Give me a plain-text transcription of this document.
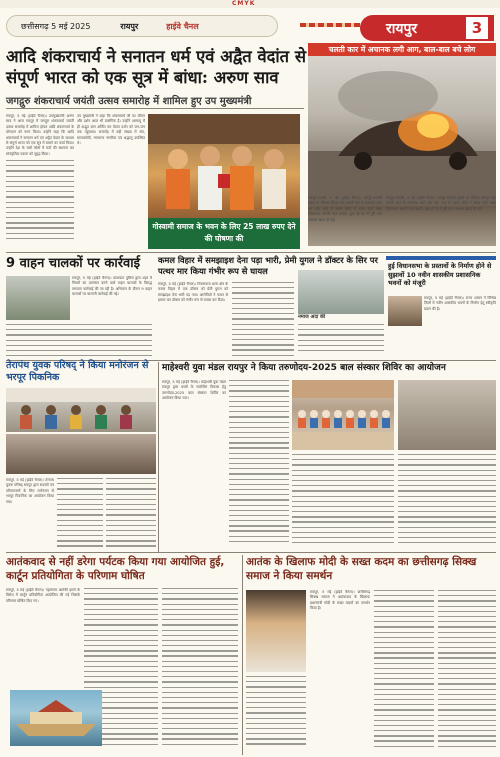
CMYK
छत्तीसगढ़ 5 मई 2025	रायपुर	हाईवे चैनल	रायपुर	3
आदि शंकराचार्य ने सनातन धर्म एवं अद्वैत वेदांत से संपूर्ण भारत को एक सूत्र में बांधा: अरुण साव
जगद्गुरु शंकराचार्य जयंती उत्सव समारोह में शामिल हुए उप मुख्यमंत्री
रायपुर, 5 मई (हाईवे चैनल)। उपमुख्यमंत्री अरुण साव ने आज रायपुर में जगद्गुरु शंकराचार्य जयंती उत्सव समारोह में शामिल होकर आदि शंकराचार्य के योगदान को नमन किया। उन्होंने कहा कि आदि शंकराचार्य ने सनातन धर्म एवं अद्वैत वेदांत के माध्यम से संपूर्ण भारत को एक सूत्र में बांधने का कार्य किया। उन्होंने देश के चारों कोनों में मठों की स्थापना कर सांस्कृतिक एकता को सुदृढ़ किया।
उप मुख्यमंत्री ने कहा कि शंकराचार्य जी का जीवन और दर्शन आज भी प्रासंगिक है। उन्होंने अल्पायु में ही अद्भुत ज्ञान अर्जित कर वेदांत दर्शन को जन-जन तक पहुंचाया। समारोह में बड़ी संख्या में संत, समाजसेवी, गणमान्य नागरिक एवं श्रद्धालु उपस्थित थे।
गोस्वामी समाज के भवन के लिए 25 लाख रुपए देने की घोषणा की
चलती कार में अचानक लगी आग, बाल-बाल बचे लोग
रायपुर-धमतरी, 5 मई (हाईवे चैनल)। रायपुर-धमतरी हाइवे पर रविवार दोपहर एक चलती कार में अचानक आग लग गई। कार में सवार लोगों ने समय रहते बाहर निकलकर अपनी जान बचाई। कुछ ही देर में पूरी कार जलकर खाक हो गई।
रायपुर-धमतरी, 5 मई (हाईवे चैनल)। रायपुर-धमतरी हाइवे पर रविवार दोपहर एक चलती कार में अचानक आग लग गई। कार में सवार लोगों ने समय रहते बाहर निकलकर अपनी जान बचाई। कुछ ही देर में पूरी कार जलकर खाक हो गई।
9 वाहन चालकों पर कार्रवाई
रायपुर, 5 मई (हाईवे चैनल)। यातायात पुलिस द्वारा शहर में नियमों का उल्लंघन करने वाले वाहन चालकों के विरुद्ध लगातार कार्रवाई की जा रही है। अभियान के दौरान 9 वाहन चालकों पर चालानी कार्रवाई की गई।
कमल विहार में समझाइश देना पड़ा भारी, प्रेमी युगल ने डॉक्टर के सिर पर पत्थर मार किया गंभीर रूप से घायल
रायपुर, 5 मई (हाईवे चैनल)। टिकरापारा थाना क्षेत्र के कमल विहार में एक डॉक्टर को प्रेमी युगल को समझाइश देना भारी पड़ गया। आरोपियों ने पत्थर से हमला कर डॉक्टर को गंभीर रूप से घायल कर दिया।
नमाज अदा की
हुई विधानसभा के प्रस्तावों के निर्माण होने से सुझावों 10 नवीन शासकीय प्रशासनिक भवनों को मंजूरी
रायपुर, 5 मई (हाईवे चैनल)। राज्य शासन ने विभिन्न जिलों में नवीन शासकीय भवनों के निर्माण हेतु स्वीकृति प्रदान की है।
तेरापंथ युवक परिषद् ने किया मनोरंजन से भरपूर पिकनिक
रायपुर, 5 मई (हाईवे चैनल)। तेरापंथ युवक परिषद् रायपुर द्वारा सदस्यों एवं परिवारजनों के लिए मनोरंजन से भरपूर पिकनिक का आयोजन किया गया।
माहेश्वरी युवा मंडल रायपुर ने किया तरुणोदय-2025 बाल संस्कार शिविर का आयोजन
रायपुर, 5 मई (हाईवे चैनल)। माहेश्वरी युवा मंडल रायपुर द्वारा बच्चों के सर्वांगीण विकास हेतु तरुणोदय-2025 बाल संस्कार शिविर का आयोजन किया गया।
आतंकवाद से नहीं डरेगा पर्यटक किया गया आयोजित हुई, कार्टून प्रतियोगिता के परिणाम घोषित
रायपुर, 5 मई (हाईवे चैनल)। पहलगाम आतंकी हमले के विरोध में कार्टून प्रतियोगिता आयोजित की गई जिसके परिणाम घोषित किए गए।
आतंक के खिलाफ मोदी के सख्त कदम का छत्तीसगढ़ सिक्ख समाज ने किया समर्थन
रायपुर, 5 मई (हाईवे चैनल)। छत्तीसगढ़ सिक्ख समाज ने आतंकवाद के खिलाफ प्रधानमंत्री मोदी के सख्त कदमों का समर्थन किया है।
